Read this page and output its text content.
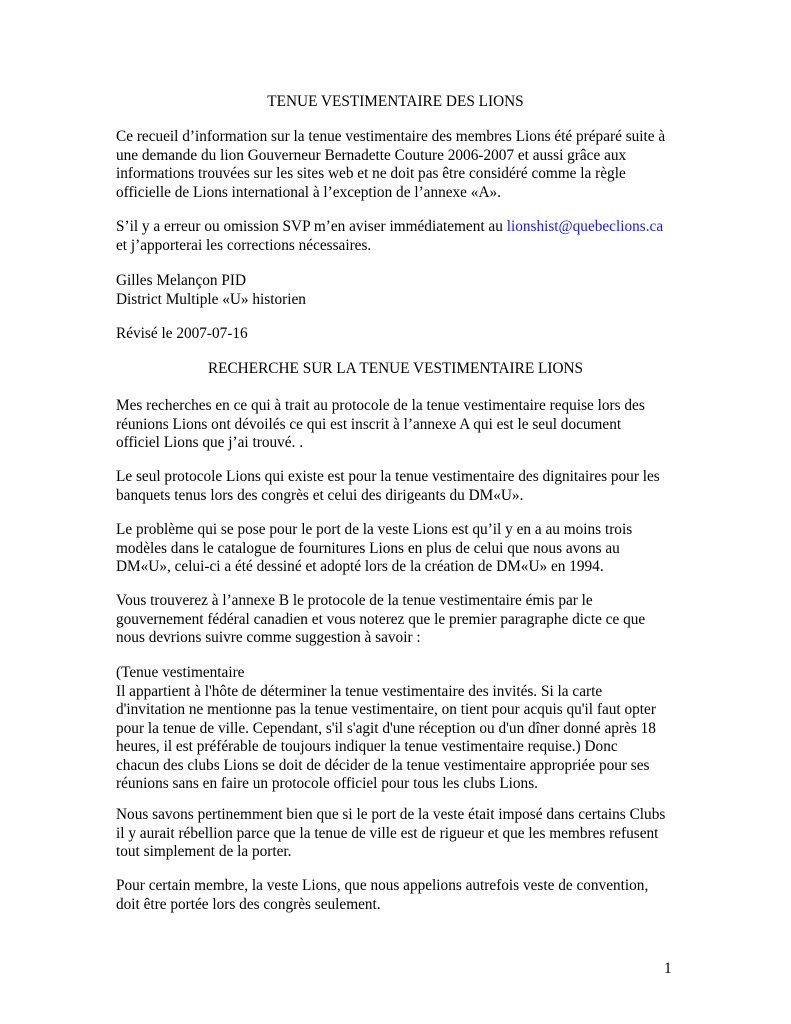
TENUE VESTIMENTAIRE DES LIONS

Ce recueil d’information sur la tenue vestimentaire des membres Lions été préparé suite à
une demande du lion Gouverneur Bernadette Couture 2006-2007 et aussi grâce aux
informations trouvées sur les sites web et ne doit pas être considéré comme la règle
officielle de Lions international à l’exception de l’annexe «A».

S’il y a erreur ou omission SVP m’en aviser immédiatement au lionshist@quebeclions.ca
et j’apporterai les corrections nécessaires.

Gilles Melançon PID
District Multiple «U» historien

Révisé le 2007-07-16

RECHERCHE SUR LA TENUE VESTIMENTAIRE LIONS

Mes recherches en ce qui à trait au protocole de la tenue vestimentaire requise lors des
réunions Lions ont dévoilés ce qui est inscrit à l’annexe A qui est le seul document
officiel Lions que j’ai trouvé. .

Le seul protocole Lions qui existe est pour la tenue vestimentaire des dignitaires pour les
banquets tenus lors des congrès et celui des dirigeants du DM«U».

Le problème qui se pose pour le port de la veste Lions est qu’il y en a au moins trois
modèles dans le catalogue de fournitures Lions en plus de celui que nous avons au
DM«U», celui-ci a été dessiné et adopté lors de la création de DM«U» en 1994.

Vous trouverez à l’annexe B le protocole de la tenue vestimentaire émis par le
gouvernement fédéral canadien et vous noterez que le premier paragraphe dicte ce que
nous devrions suivre comme suggestion à savoir :

(Tenue vestimentaire
Il appartient à l'hôte de déterminer la tenue vestimentaire des invités. Si la carte
d'invitation ne mentionne pas la tenue vestimentaire, on tient pour acquis qu'il faut opter
pour la tenue de ville. Cependant, s'il s'agit d'une réception ou d'un dîner donné après 18
heures, il est préférable de toujours indiquer la tenue vestimentaire requise.) Donc
chacun des clubs Lions se doit de décider de la tenue vestimentaire appropriée pour ses
réunions sans en faire un protocole officiel pour tous les clubs Lions.

Nous savons pertinemment bien que si le port de la veste était imposé dans certains Clubs
il y aurait rébellion parce que la tenue de ville est de rigueur et que les membres refusent
tout simplement de la porter.

Pour certain membre, la veste Lions, que nous appelions autrefois veste de convention,
doit être portée lors des congrès seulement.

1
